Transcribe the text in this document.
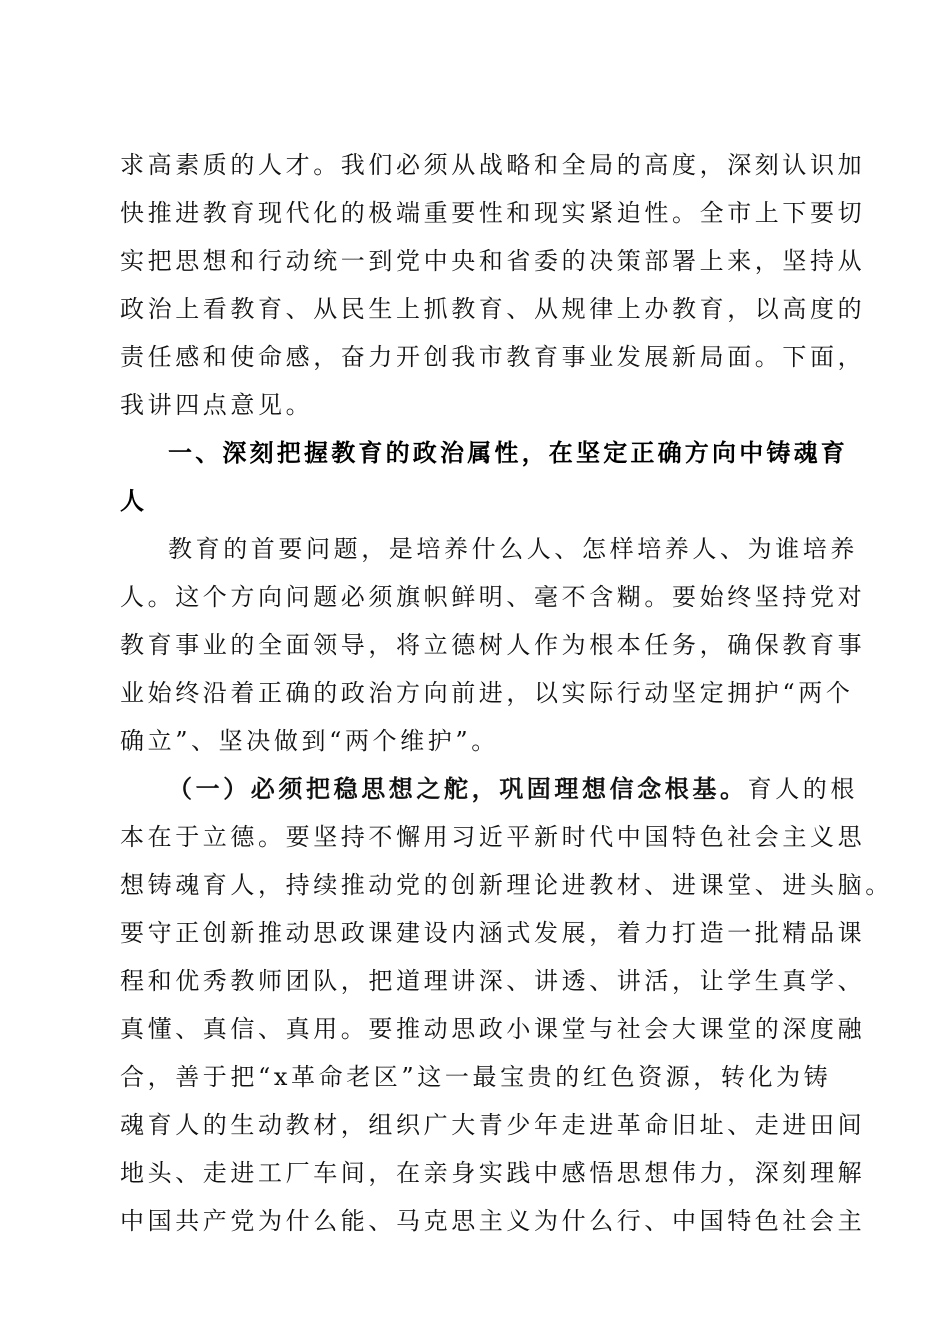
求高素质的人才。我们必须从战略和全局的高度，深刻认识加
快推进教育现代化的极端重要性和现实紧迫性。全市上下要切
实把思想和行动统一到党中央和省委的决策部署上来，坚持从
政治上看教育、从民生上抓教育、从规律上办教育，以高度的
责任感和使命感，奋力开创我市教育事业发展新局面。下面，
我讲四点意见。
一、深刻把握教育的政治属性，在坚定正确方向中铸魂育
人
教育的首要问题，是培养什么人、怎样培养人、为谁培养
人。这个方向问题必须旗帜鲜明、毫不含糊。要始终坚持党对
教育事业的全面领导，将立德树人作为根本任务，确保教育事
业始终沿着正确的政治方向前进，以实际行动坚定拥护“两个
确立”、坚决做到“两个维护”。
（一）必须把稳思想之舵，巩固理想信念根基。育人的根
本在于立德。要坚持不懈用习近平新时代中国特色社会主义思
想铸魂育人，持续推动党的创新理论进教材、进课堂、进头脑。
要守正创新推动思政课建设内涵式发展，着力打造一批精品课
程和优秀教师团队，把道理讲深、讲透、讲活，让学生真学、
真懂、真信、真用。要推动思政小课堂与社会大课堂的深度融
合，善于把“x革命老区”这一最宝贵的红色资源，转化为铸
魂育人的生动教材，组织广大青少年走进革命旧址、走进田间
地头、走进工厂车间，在亲身实践中感悟思想伟力，深刻理解
中国共产党为什么能、马克思主义为什么行、中国特色社会主
